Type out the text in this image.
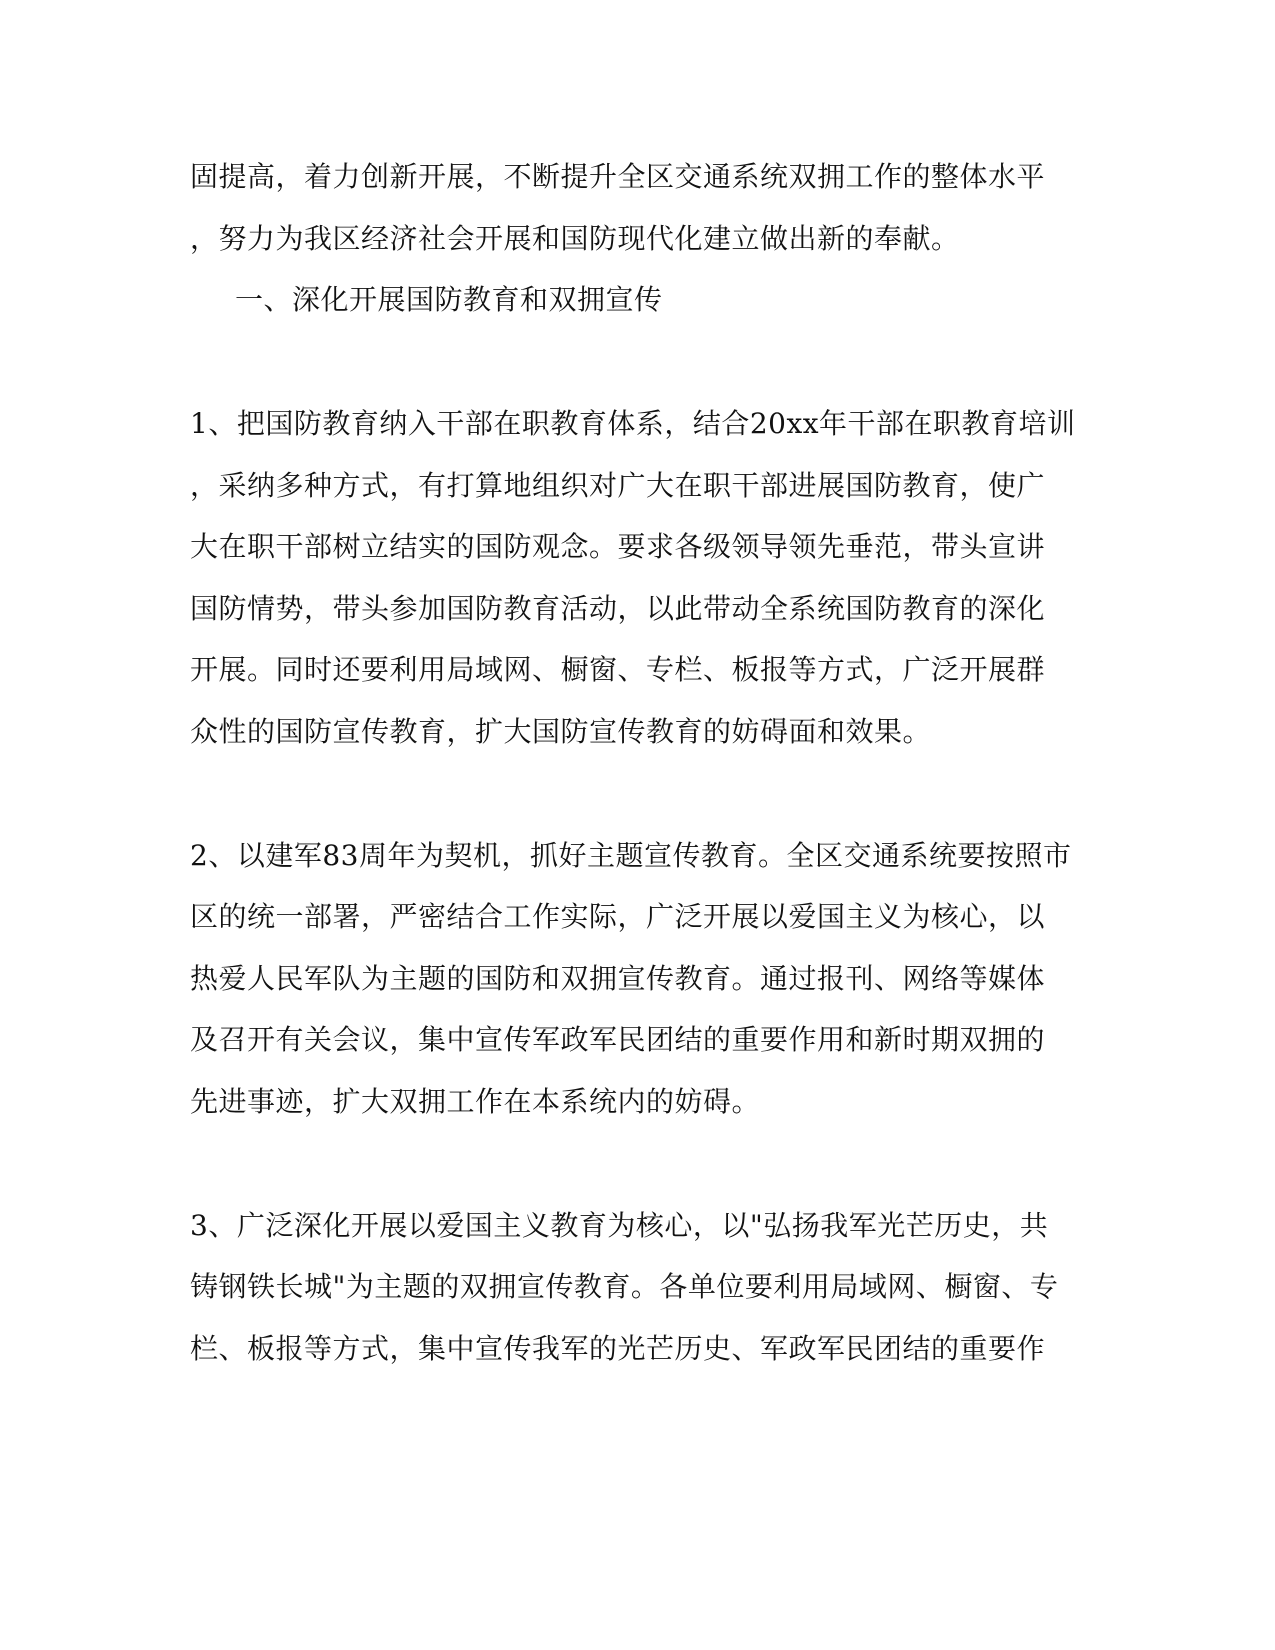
固提高，着力创新开展，不断提升全区交通系统双拥工作的整体水平
，努力为我区经济社会开展和国防现代化建立做出新的奉献。
一、深化开展国防教育和双拥宣传
1、把国防教育纳入干部在职教育体系，结合20xx年干部在职教育培训
，采纳多种方式，有打算地组织对广大在职干部进展国防教育，使广
大在职干部树立结实的国防观念。要求各级领导领先垂范，带头宣讲
国防情势，带头参加国防教育活动，以此带动全系统国防教育的深化
开展。同时还要利用局域网、橱窗、专栏、板报等方式，广泛开展群
众性的国防宣传教育，扩大国防宣传教育的妨碍面和效果。
2、以建军83周年为契机，抓好主题宣传教育。全区交通系统要按照市
区的统一部署，严密结合工作实际，广泛开展以爱国主义为核心，以
热爱人民军队为主题的国防和双拥宣传教育。通过报刊、网络等媒体
及召开有关会议，集中宣传军政军民团结的重要作用和新时期双拥的
先进事迹，扩大双拥工作在本系统内的妨碍。
3、广泛深化开展以爱国主义教育为核心，以"弘扬我军光芒历史，共
铸钢铁长城"为主题的双拥宣传教育。各单位要利用局域网、橱窗、专
栏、板报等方式，集中宣传我军的光芒历史、军政军民团结的重要作
